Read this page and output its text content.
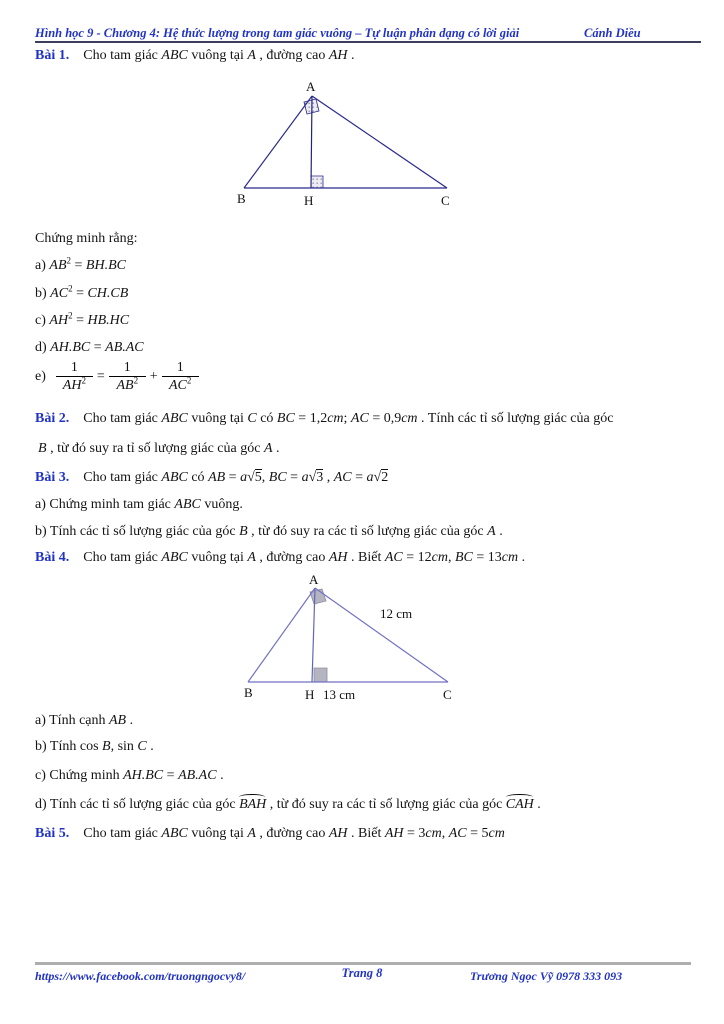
Hình học 9 - Chương 4: Hệ thức lượng trong tam giác vuông – Tự luận phân dạng có lời giải	Cánh Diều
Bài 1. Cho tam giác ABC vuông tại A , đường cao AH .
A
B	H	C
Chứng minh rằng:
a) $AB^2 = BH.BC$
b) $AC^2 = CH.CB$
c) $AH^2 = HB.HC$
d) AH.BC = AB.AC
$e) \frac{1}{AH^2} = \frac{1}{AB^2} + \frac{1}{AC^2}$
Bài 2. Cho tam giác ABC vuông tại C có BC = 1,2cm; AC = 0,9cm . Tính các tỉ số lượng giác của góc
B , từ đó suy ra tỉ số lượng giác của góc A .
Bài 3. Cho tam giác ABC có AB = a√5, BC = a√3 , AC = a√2
a) Chứng minh tam giác ABC vuông.
b) Tính các tỉ số lượng giác của góc B , từ đó suy ra các tỉ số lượng giác của góc A .
Bài 4. Cho tam giác ABC vuông tại A , đường cao AH . Biết AC = 12cm, BC = 13cm .
A
B	H	C
12 cm
13 cm
a) Tính cạnh AB .
b) Tính cos B, sin C .
c) Chứng minh AH.BC = AB.AC .
d) Tính các tỉ số lượng giác của góc BAH , từ đó suy ra các tỉ số lượng giác của góc CAH .
Bài 5. Cho tam giác ABC vuông tại A , đường cao AH . Biết AH = 3cm, AC = 5cm
https://www.facebook.com/truongngocvy8/	Trang 8	Trương Ngọc Vỹ 0978 333 093
